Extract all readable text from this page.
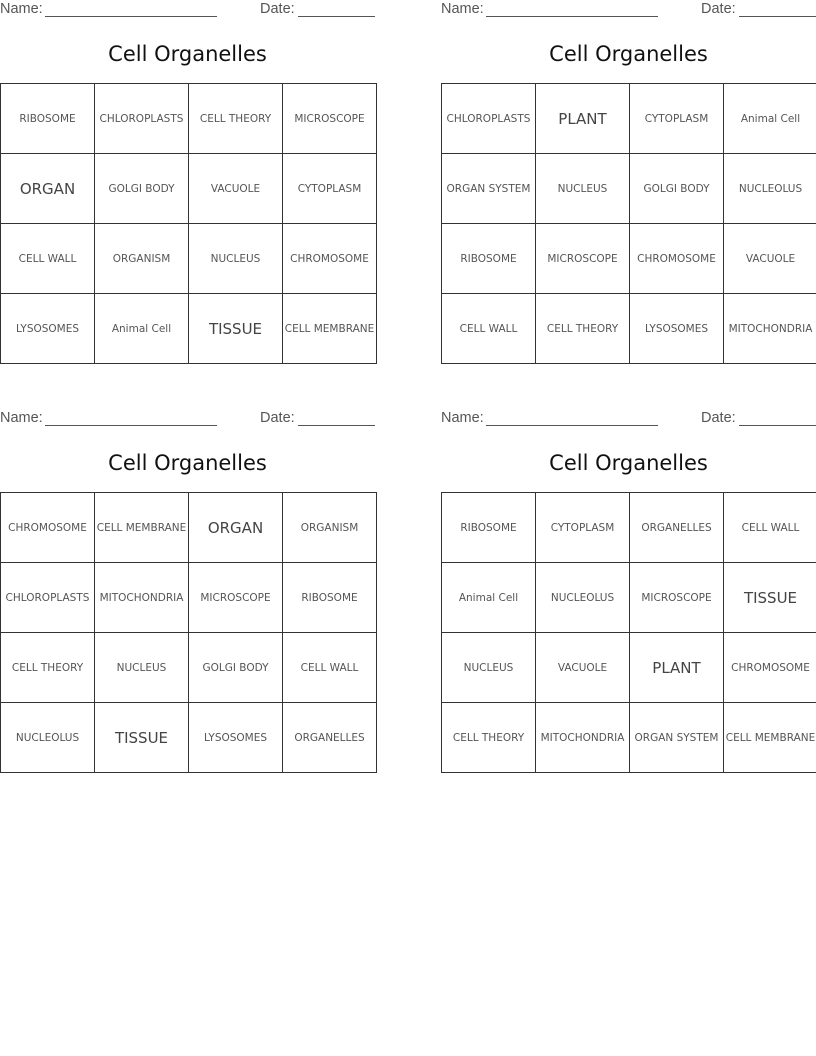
Name:	Date:
Cell Organelles
RIBOSOME	CHLOROPLASTS	CELL THEORY	MICROSCOPE
ORGAN	GOLGI BODY	VACUOLE	CYTOPLASM
CELL WALL	ORGANISM	NUCLEUS	CHROMOSOME
LYSOSOMES	Animal Cell	TISSUE	CELL MEMBRANE
Name:	Date:
Cell Organelles
CHLOROPLASTS	PLANT	CYTOPLASM	Animal Cell
ORGAN SYSTEM	NUCLEUS	GOLGI BODY	NUCLEOLUS
RIBOSOME	MICROSCOPE	CHROMOSOME	VACUOLE
CELL WALL	CELL THEORY	LYSOSOMES	MITOCHONDRIA
Name:	Date:
Cell Organelles
CHROMOSOME	CELL MEMBRANE	ORGAN	ORGANISM
CHLOROPLASTS	MITOCHONDRIA	MICROSCOPE	RIBOSOME
CELL THEORY	NUCLEUS	GOLGI BODY	CELL WALL
NUCLEOLUS	TISSUE	LYSOSOMES	ORGANELLES
Name:	Date:
Cell Organelles
RIBOSOME	CYTOPLASM	ORGANELLES	CELL WALL
Animal Cell	NUCLEOLUS	MICROSCOPE	TISSUE
NUCLEUS	VACUOLE	PLANT	CHROMOSOME
CELL THEORY	MITOCHONDRIA	ORGAN SYSTEM	CELL MEMBRANE
